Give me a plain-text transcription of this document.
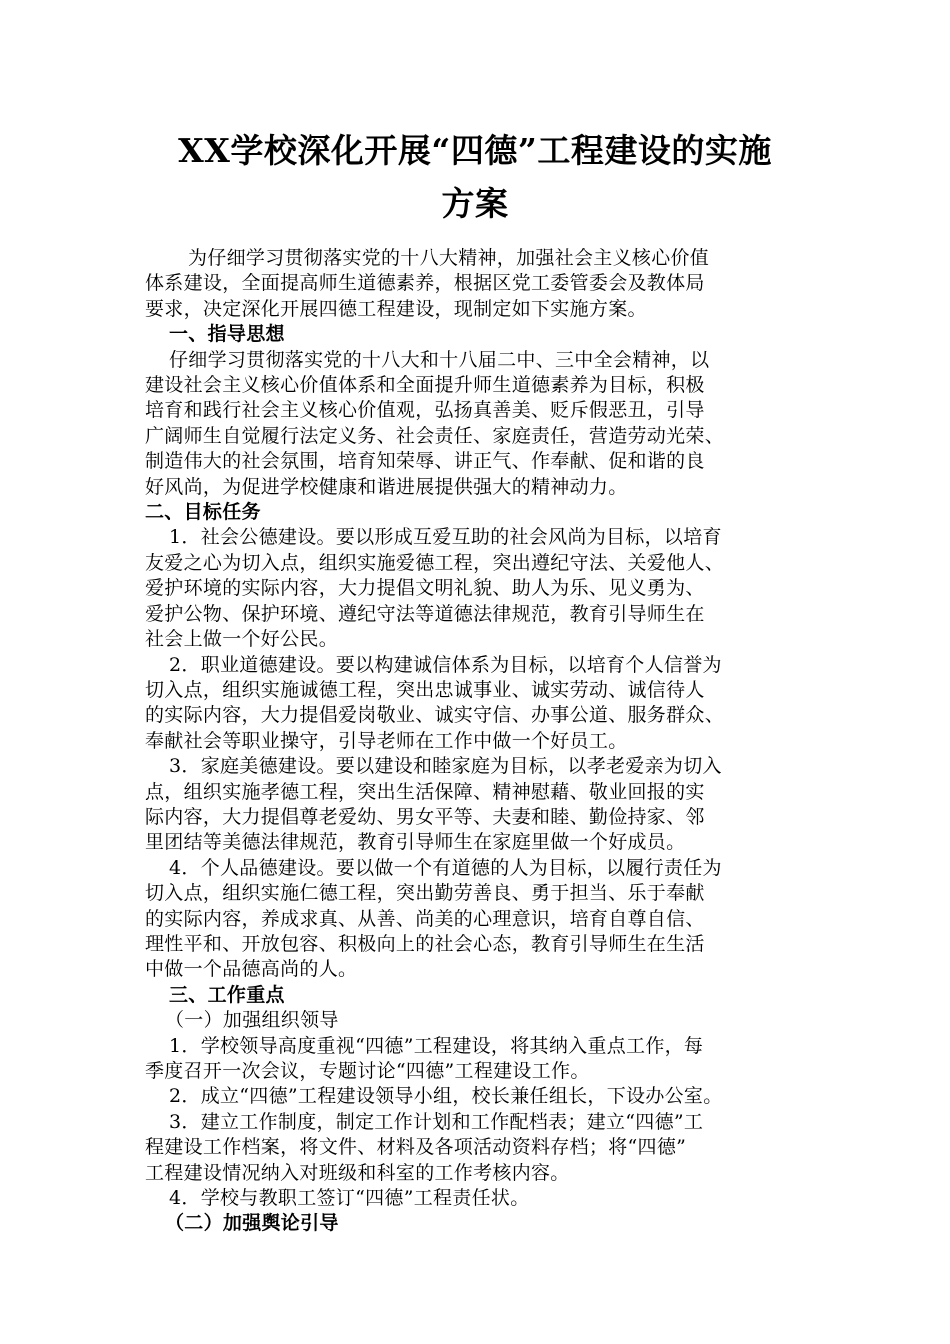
XX学校深化开展“四德”工程建设的实施
方案

为仔细学习贯彻落实党的十八大精神，加强社会主义核心价值
体系建设，全面提高师生道德素养，根据区党工委管委会及教体局
要求，决定深化开展四德工程建设，现制定如下实施方案。

一、指导思想

仔细学习贯彻落实党的十八大和十八届二中、三中全会精神，以
建设社会主义核心价值体系和全面提升师生道德素养为目标，积极
培育和践行社会主义核心价值观，弘扬真善美、贬斥假恶丑，引导
广阔师生自觉履行法定义务、社会责任、家庭责任，营造劳动光荣、
制造伟大的社会氛围，培育知荣辱、讲正气、作奉献、促和谐的良
好风尚，为促进学校健康和谐进展提供强大的精神动力。

二、目标任务

1．社会公德建设。要以形成互爱互助的社会风尚为目标，以培育
友爱之心为切入点，组织实施爱德工程，突出遵纪守法、关爱他人、
爱护环境的实际内容，大力提倡文明礼貌、助人为乐、见义勇为、
爱护公物、保护环境、遵纪守法等道德法律规范，教育引导师生在
社会上做一个好公民。

2．职业道德建设。要以构建诚信体系为目标，以培育个人信誉为
切入点，组织实施诚德工程，突出忠诚事业、诚实劳动、诚信待人
的实际内容，大力提倡爱岗敬业、诚实守信、办事公道、服务群众、
奉献社会等职业操守，引导老师在工作中做一个好员工。

3．家庭美德建设。要以建设和睦家庭为目标，以孝老爱亲为切入
点，组织实施孝德工程，突出生活保障、精神慰藉、敬业回报的实
际内容，大力提倡尊老爱幼、男女平等、夫妻和睦、勤俭持家、邻
里团结等美德法律规范，教育引导师生在家庭里做一个好成员。

4．个人品德建设。要以做一个有道德的人为目标，以履行责任为
切入点，组织实施仁德工程，突出勤劳善良、勇于担当、乐于奉献
的实际内容，养成求真、从善、尚美的心理意识，培育自尊自信、
理性平和、开放包容、积极向上的社会心态，教育引导师生在生活
中做一个品德高尚的人。

三、工作重点

（一）加强组织领导

1．学校领导高度重视“四德”工程建设，将其纳入重点工作，每
季度召开一次会议，专题讨论“四德”工程建设工作。

2．成立“四德”工程建设领导小组，校长兼任组长，下设办公室。

3．建立工作制度，制定工作计划和工作配档表；建立“四德”工
程建设工作档案，将文件、材料及各项活动资料存档；将“四德”
工程建设情况纳入对班级和科室的工作考核内容。

4．学校与教职工签订“四德”工程责任状。

（二）加强舆论引导
